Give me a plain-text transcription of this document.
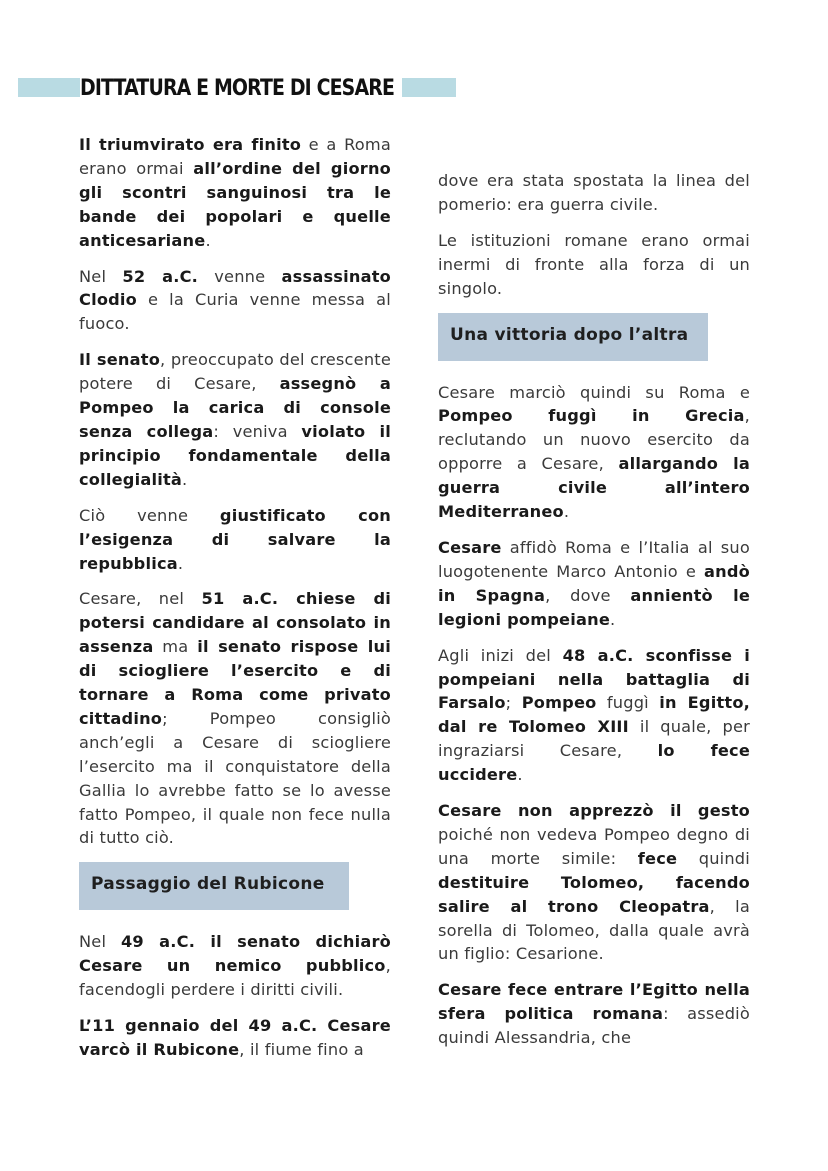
DITTATURA E MORTE DI CESARE

Il triumvirato era finito e a Roma erano ormai all’ordine del giorno gli scontri sanguinosi tra le bande dei popolari e quelle anticesariane.

Nel 52 a.C. venne assassinato Clodio e la Curia venne messa al fuoco.

Il senato, preoccupato del crescente potere di Cesare, assegnò a Pompeo la carica di console senza collega: veniva violato il principio fondamentale della collegialità.

Ciò venne giustificato con l’esigenza di salvare la repubblica.

Cesare, nel 51 a.C. chiese di potersi candidare al consolato in assenza ma il senato rispose lui di sciogliere l’esercito e di tornare a Roma come privato cittadino; Pompeo consigliò anch’egli a Cesare di sciogliere l’esercito ma il conquistatore della Gallia lo avrebbe fatto se lo avesse fatto Pompeo, il quale non fece nulla di tutto ciò.

Passaggio del Rubicone

Nel 49 a.C. il senato dichiarò Cesare un nemico pubblico, facendogli perdere i diritti civili.

L’11 gennaio del 49 a.C. Cesare varcò il Rubicone, il fiume fino a

dove era stata spostata la linea del pomerio: era guerra civile.

Le istituzioni romane erano ormai inermi di fronte alla forza di un singolo.

Una vittoria dopo l’altra

Cesare marciò quindi su Roma e Pompeo fuggì in Grecia, reclutando un nuovo esercito da opporre a Cesare, allargando la guerra civile all’intero Mediterraneo.

Cesare affidò Roma e l’Italia al suo luogotenente Marco Antonio e andò in Spagna, dove annientò le legioni pompeiane.

Agli inizi del 48 a.C. sconfisse i pompeiani nella battaglia di Farsalo; Pompeo fuggì in Egitto, dal re Tolomeo XIII il quale, per ingraziarsi Cesare, lo fece uccidere.

Cesare non apprezzò il gesto poiché non vedeva Pompeo degno di una morte simile: fece quindi destituire Tolomeo, facendo salire al trono Cleopatra, la sorella di Tolomeo, dalla quale avrà un figlio: Cesarione.

Cesare fece entrare l’Egitto nella sfera politica romana: assediò quindi Alessandria, che
